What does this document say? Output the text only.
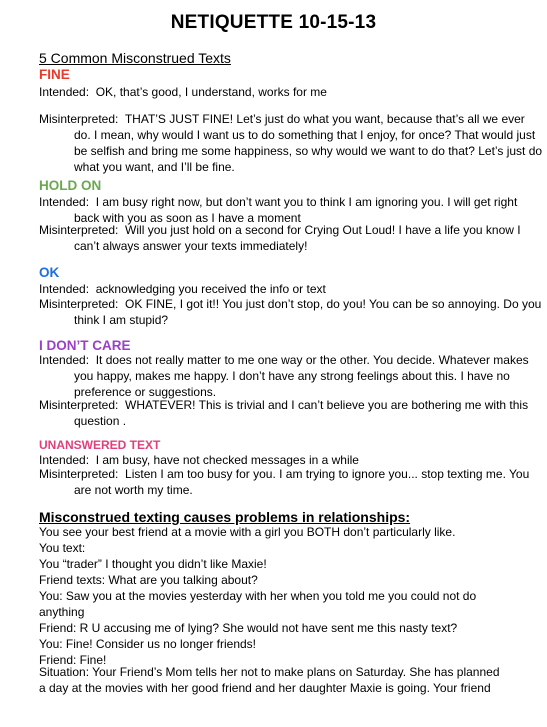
NETIQUETTE 10-15-13
5 Common Misconstrued Texts
FINE

Intended: OK, that’s good, I understand, works for me

Misinterpreted: THAT’S JUST FINE! Let’s just do what you want, because that’s all we ever do. I mean, why would I want us to do something that I enjoy, for once? That would just be selfish and bring me some happiness, so why would we want to do that? Let’s just do what you want, and I’ll be fine.

HOLD ON

Intended: I am busy right now, but don’t want you to think I am ignoring you. I will get right back with you as soon as I have a moment

Misinterpreted: Will you just hold on a second for Crying Out Loud! I have a life you know I can’t always answer your texts immediately!

OK

Intended: acknowledging you received the info or text

Misinterpreted: OK FINE, I got it!! You just don’t stop, do you! You can be so annoying. Do you think I am stupid?

I DON’T CARE

Intended: It does not really matter to me one way or the other. You decide. Whatever makes you happy, makes me happy. I don’t have any strong feelings about this. I have no preference or suggestions.

Misinterpreted: WHATEVER! This is trivial and I can’t believe you are bothering me with this question .

UNANSWERED TEXT

Intended: I am busy, have not checked messages in a while

Misinterpreted: Listen I am too busy for you. I am trying to ignore you... stop texting me. You are not worth my time.

Misconstrued texting causes problems in relationships:

You see your best friend at a movie with a girl you BOTH don’t particularly like.

You text:

You “trader” I thought you didn’t like Maxie!

Friend texts: What are you talking about?

You: Saw you at the movies yesterday with her when you told me you could not do anything

Friend: R U accusing me of lying? She would not have sent me this nasty text?

You: Fine! Consider us no longer friends!

Friend: Fine!

Situation: Your Friend’s Mom tells her not to make plans on Saturday. She has planned a day at the movies with her good friend and her daughter Maxie is going. Your friend
